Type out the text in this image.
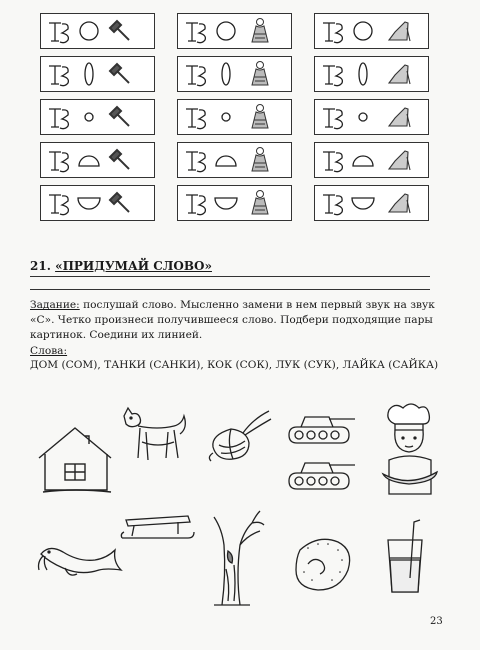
21. «ПРИДУМАЙ СЛОВО»
Задание: послушай слово. Мысленно замени в нем первый звук на звук «С». Четко произнеси получившееся слово. Подбери подходящие пары картинок. Соедини их линией.
Слова:
ДОМ (СОМ), ТАНКИ (САНКИ), КОК (СОК), ЛУК (СУК), ЛАЙКА (САЙКА)
23
